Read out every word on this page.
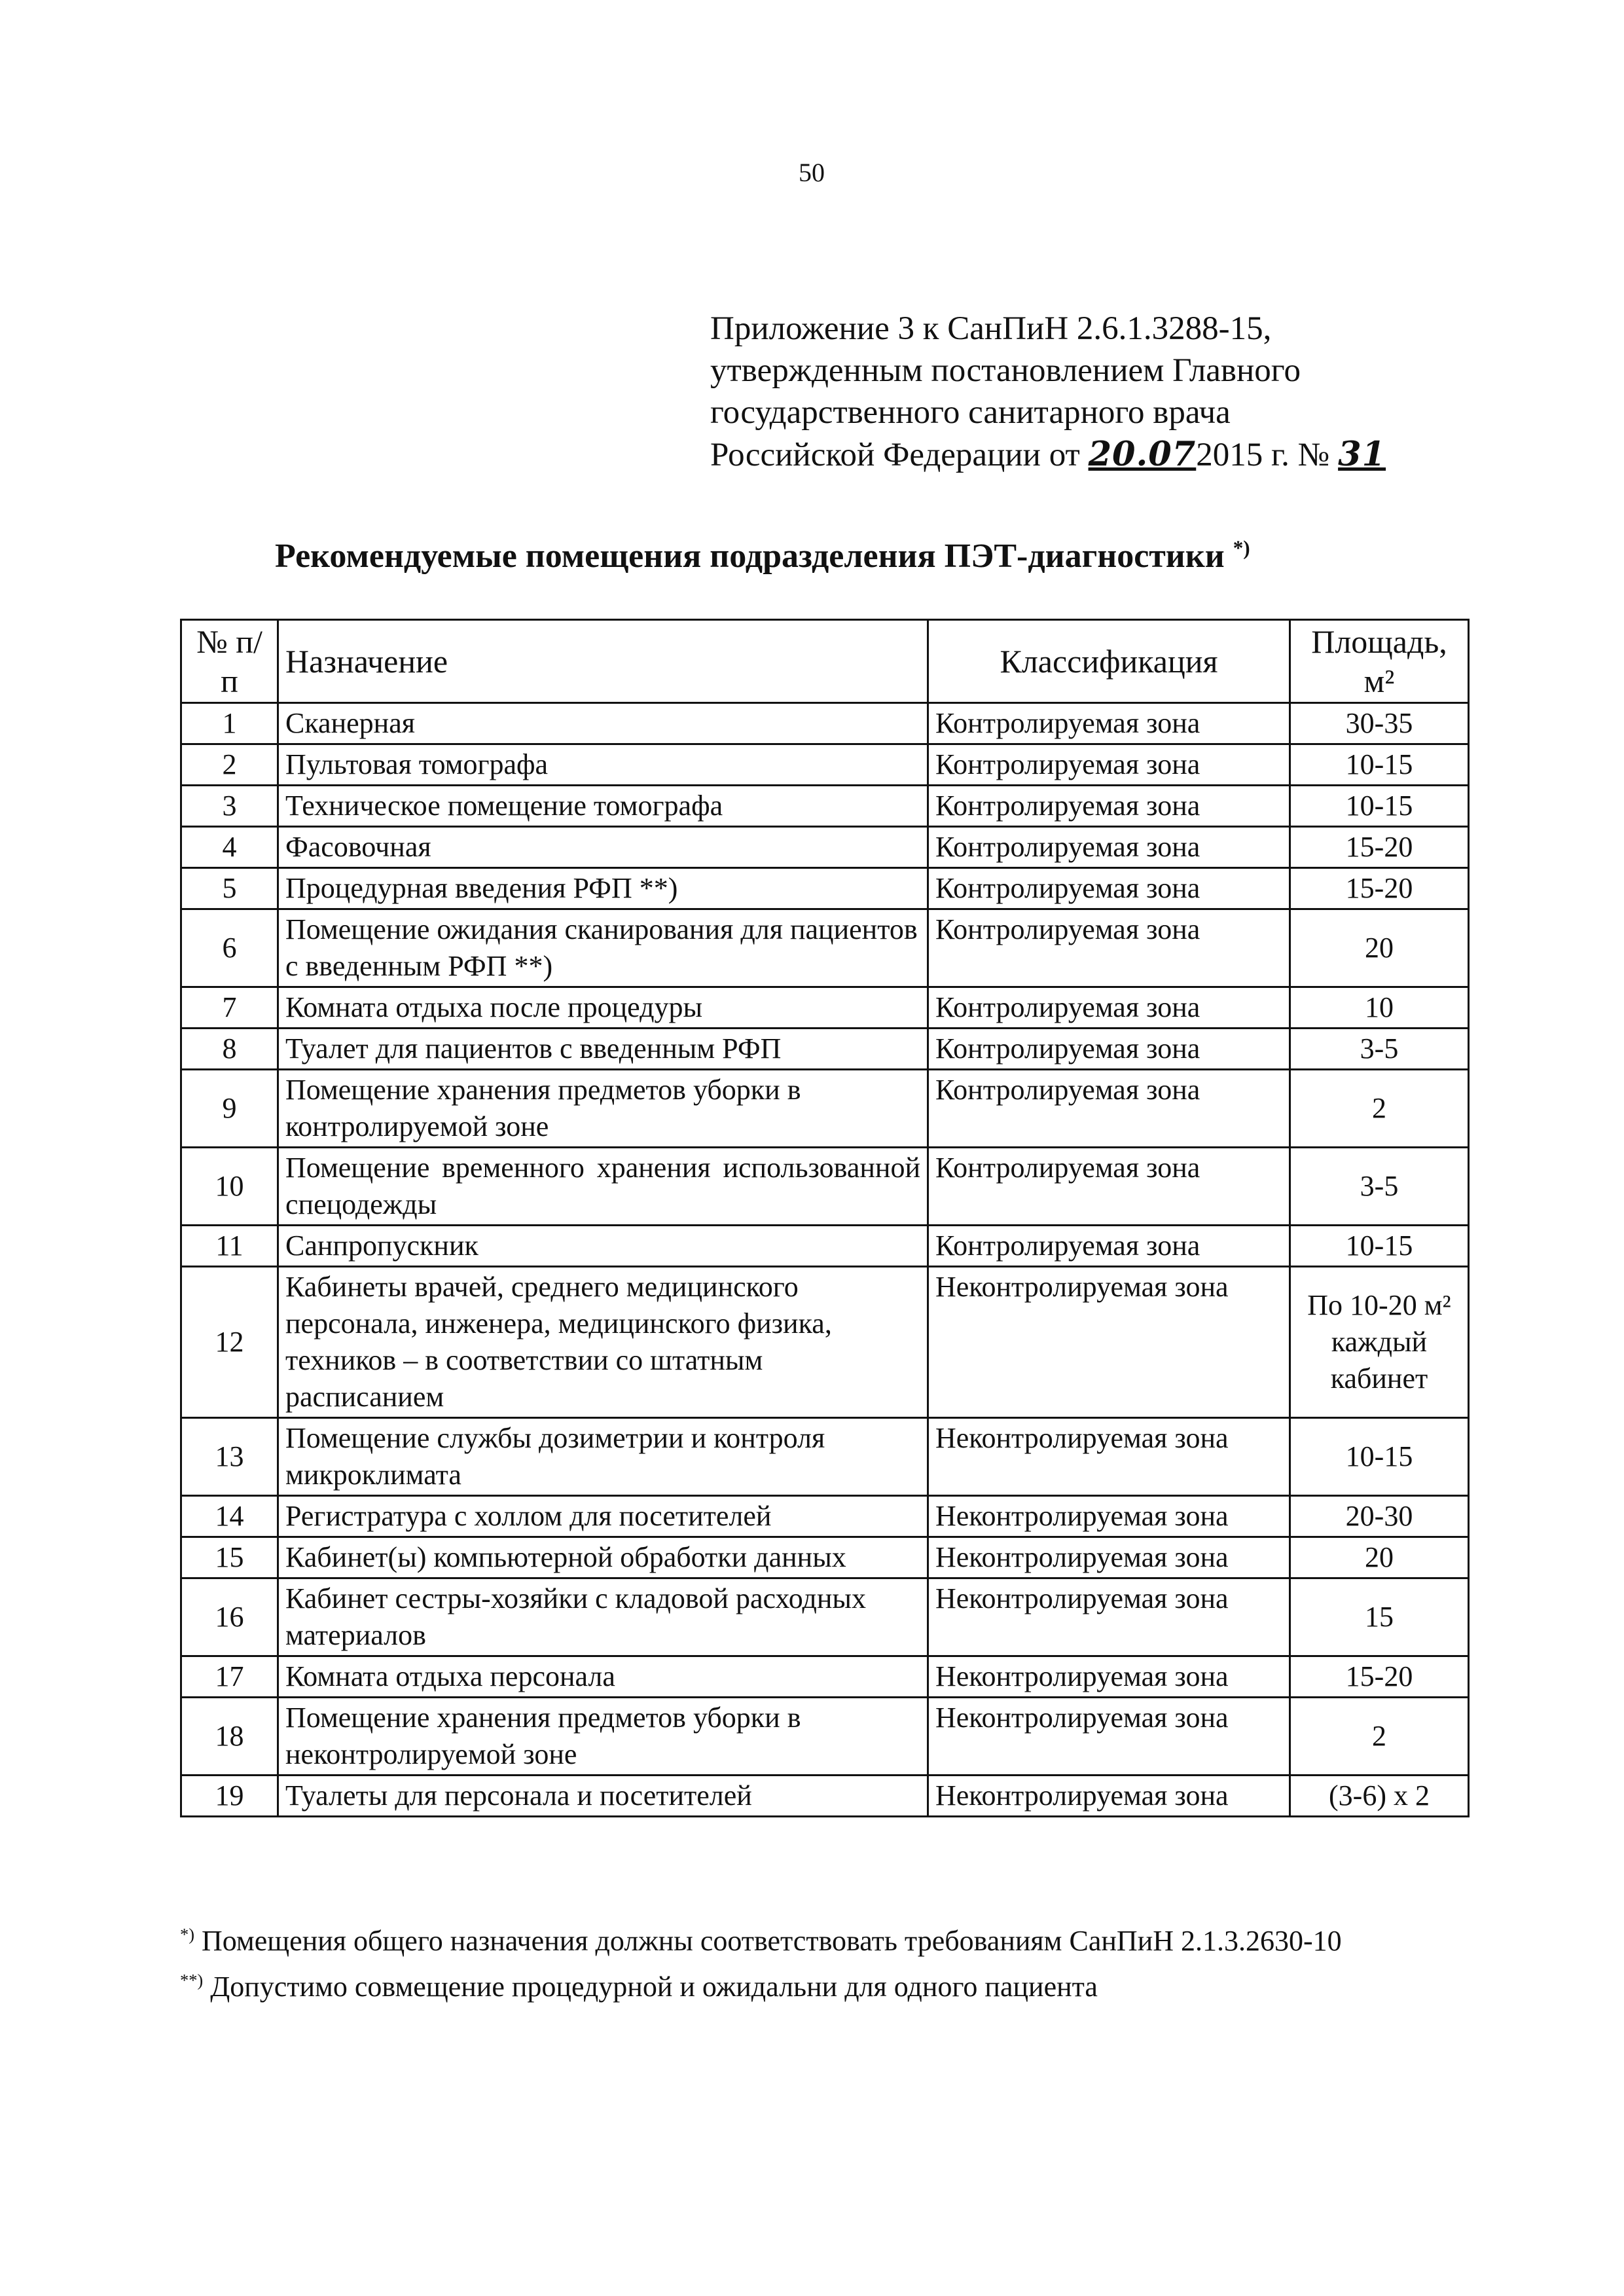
50
Приложение 3 к СанПиН 2.6.1.3288-15,
утвержденным постановлением Главного
государственного санитарного врача
Российской Федерации от 20.072015 г. № 31
Рекомендуемые помещения подразделения ПЭТ-диагностики *)
№ п/п	Назначение	Классификация	Площадь, м²
1	Сканерная	Контролируемая зона	30-35
2	Пультовая томографа	Контролируемая зона	10-15
3	Техническое помещение томографа	Контролируемая зона	10-15
4	Фасовочная	Контролируемая зона	15-20
5	Процедурная введения РФП **)	Контролируемая зона	15-20
6	Помещение ожидания сканирования для пациентов с введенным РФП **)	Контролируемая зона	20
7	Комната отдыха после процедуры	Контролируемая зона	10
8	Туалет для пациентов с введенным РФП	Контролируемая зона	3-5
9	Помещение хранения предметов уборки в контролируемой зоне	Контролируемая зона	2
10	Помещение временного хранения использованной спецодежды	Контролируемая зона	3-5
11	Санпропускник	Контролируемая зона	10-15
12	Кабинеты врачей, среднего медицинского персонала, инженера, медицинского физика, техников – в соответствии со штатным расписанием	Неконтролируемая зона	По 10-20 м² каждый кабинет
13	Помещение службы дозиметрии и контроля микроклимата	Неконтролируемая зона	10-15
14	Регистратура с холлом для посетителей	Неконтролируемая зона	20-30
15	Кабинет(ы) компьютерной обработки данных	Неконтролируемая зона	20
16	Кабинет сестры-хозяйки с кладовой расходных материалов	Неконтролируемая зона	15
17	Комната отдыха персонала	Неконтролируемая зона	15-20
18	Помещение хранения предметов уборки в неконтролируемой зоне	Неконтролируемая зона	2
19	Туалеты для персонала и посетителей	Неконтролируемая зона	(3-6) х 2
*) Помещения общего назначения должны соответствовать требованиям СанПиН 2.1.3.2630-10
**) Допустимо совмещение процедурной и ожидальни для одного пациента
